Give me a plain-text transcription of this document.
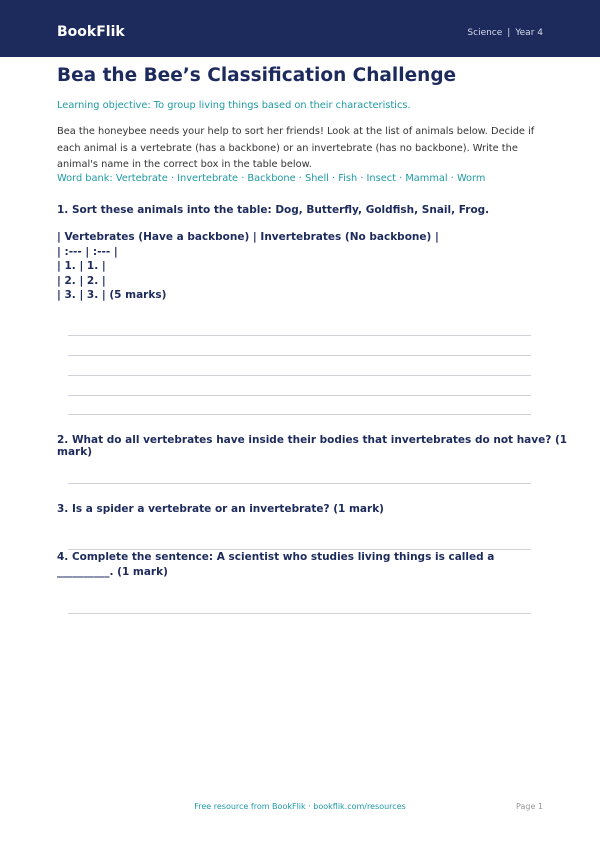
BookFlik	Science | Year 4
Bea the Bee’s Classification Challenge
Learning objective: To group living things based on their characteristics.

Bea the honeybee needs your help to sort her friends! Look at the list of animals below. Decide if each animal is a vertebrate (has a backbone) or an invertebrate (has no backbone). Write the animal's name in the correct box in the table below.

Word bank: Vertebrate · Invertebrate · Backbone · Shell · Fish · Insect · Mammal · Worm
1. Sort these animals into the table: Dog, Butterfly, Goldfish, Snail, Frog.
| Vertebrates (Have a backbone) | Invertebrates (No backbone) |
| :--- | :--- |
| 1. | 1. |
| 2. | 2. |
| 3. | 3. | (5 marks)
2. What do all vertebrates have inside their bodies that invertebrates do not have? (1 mark)
3. Is a spider a vertebrate or an invertebrate? (1 mark)
4. Complete the sentence: A scientist who studies living things is called a __________. (1 mark)
Free resource from BookFlik · bookflik.com/resources	Page 1
